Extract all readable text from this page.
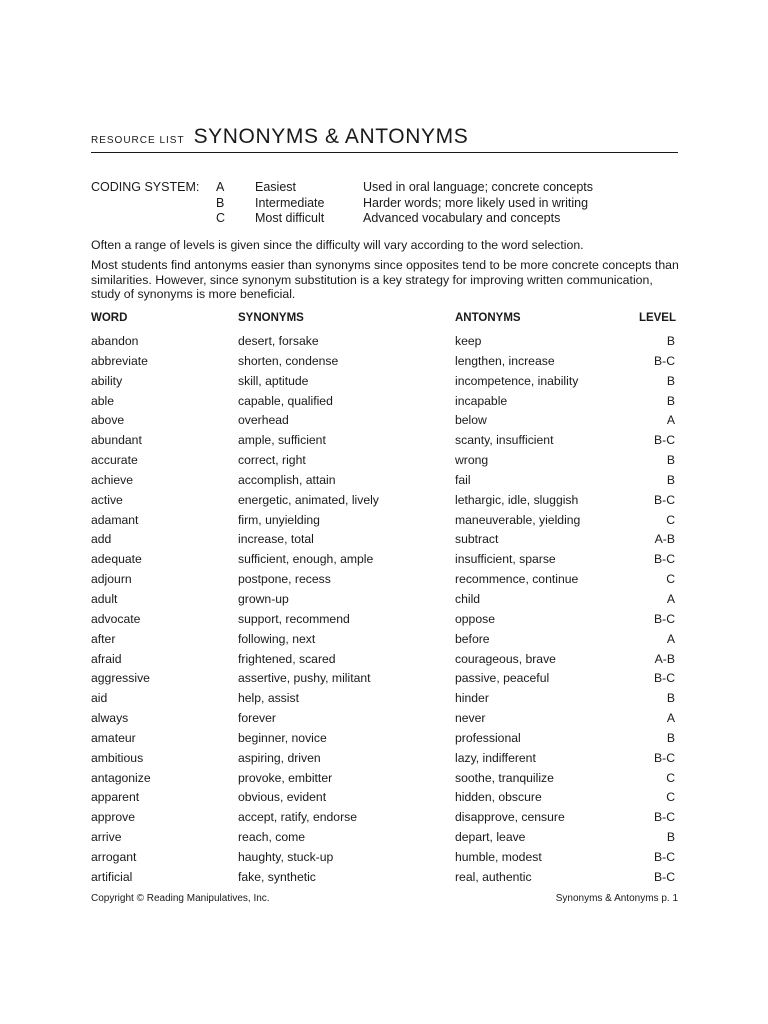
RESOURCE LIST SYNONYMS & ANTONYMS
CODING SYSTEM: A Easiest	Used in oral language; concrete concepts
B Intermediate	Harder words; more likely used in writing
C Most difficult	Advanced vocabulary and concepts

Often a range of levels is given since the difficulty will vary according to the word selection.

Most students find antonyms easier than synonyms since opposites tend to be more concrete concepts than similarities. However, since synonym substitution is a key strategy for improving written communication, study of synonyms is more beneficial.

WORD	SYNONYMS	ANTONYMS	LEVEL
abandon	desert, forsake	keep	B
abbreviate	shorten, condense	lengthen, increase	B-C
ability	skill, aptitude	incompetence, inability	B
able	capable, qualified	incapable	B
above	overhead	below	A
abundant	ample, sufficient	scanty, insufficient	B-C
accurate	correct, right	wrong	B
achieve	accomplish, attain	fail	B
active	energetic, animated, lively	lethargic, idle, sluggish	B-C
adamant	firm, unyielding	maneuverable, yielding	C
add	increase, total	subtract	A-B
adequate	sufficient, enough, ample	insufficient, sparse	B-C
adjourn	postpone, recess	recommence, continue	C
adult	grown-up	child	A
advocate	support, recommend	oppose	B-C
after	following, next	before	A
afraid	frightened, scared	courageous, brave	A-B
aggressive	assertive, pushy, militant	passive, peaceful	B-C
aid	help, assist	hinder	B
always	forever	never	A
amateur	beginner, novice	professional	B
ambitious	aspiring, driven	lazy, indifferent	B-C
antagonize	provoke, embitter	soothe, tranquilize	C
apparent	obvious, evident	hidden, obscure	C
approve	accept, ratify, endorse	disapprove, censure	B-C
arrive	reach, come	depart, leave	B
arrogant	haughty, stuck-up	humble, modest	B-C
artificial	fake, synthetic	real, authentic	B-C
Copyright © Reading Manipulatives, Inc.	Synonyms & Antonyms p. 1
